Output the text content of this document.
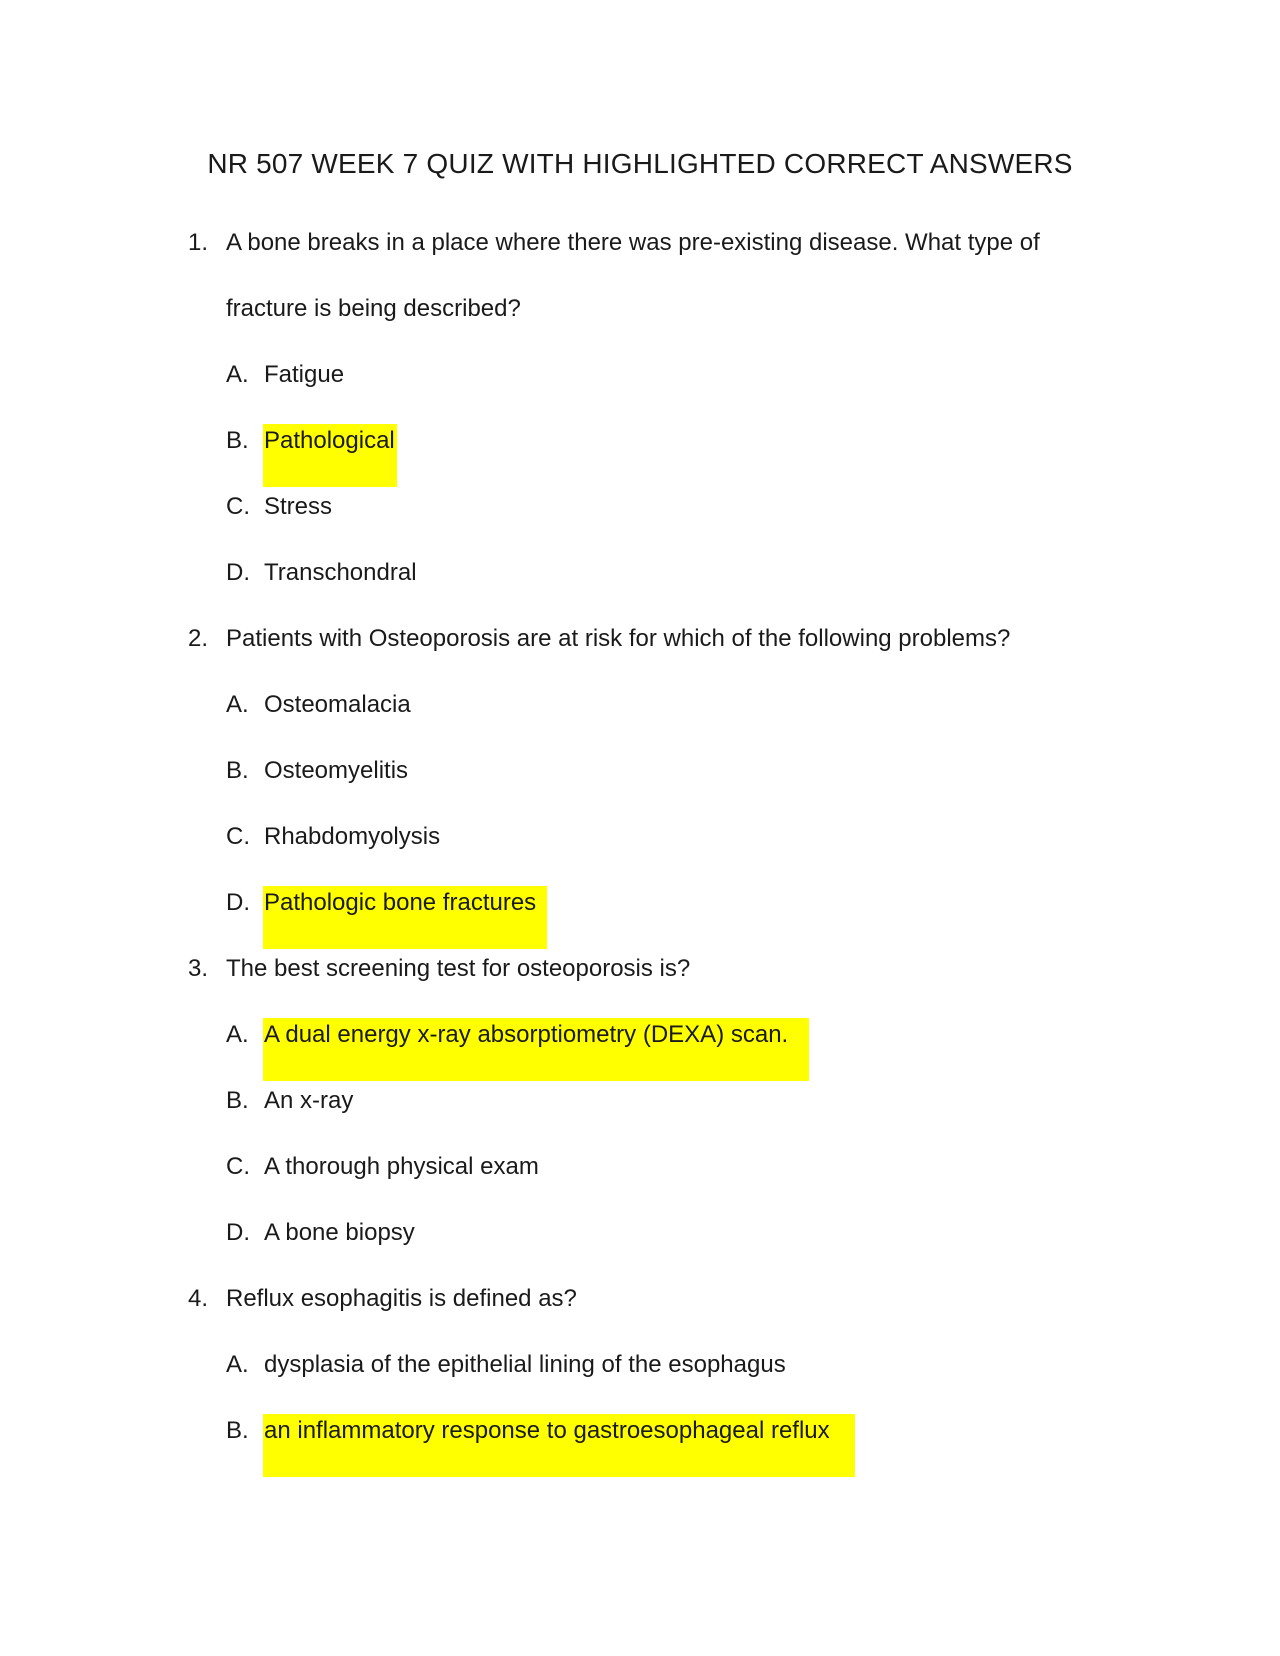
NR 507 WEEK 7 QUIZ WITH HIGHLIGHTED CORRECT ANSWERS
1. A bone breaks in a place where there was pre-existing disease. What type of
fracture is being described?
A. Fatigue
B. Pathological
C. Stress
D. Transchondral
2. Patients with Osteoporosis are at risk for which of the following problems?
A. Osteomalacia
B. Osteomyelitis
C. Rhabdomyolysis
D. Pathologic bone fractures
3. The best screening test for osteoporosis is?
A. A dual energy x-ray absorptiometry (DEXA) scan.
B. An x-ray
C. A thorough physical exam
D. A bone biopsy
4. Reflux esophagitis is defined as?
A. dysplasia of the epithelial lining of the esophagus
B. an inflammatory response to gastroesophageal reflux
